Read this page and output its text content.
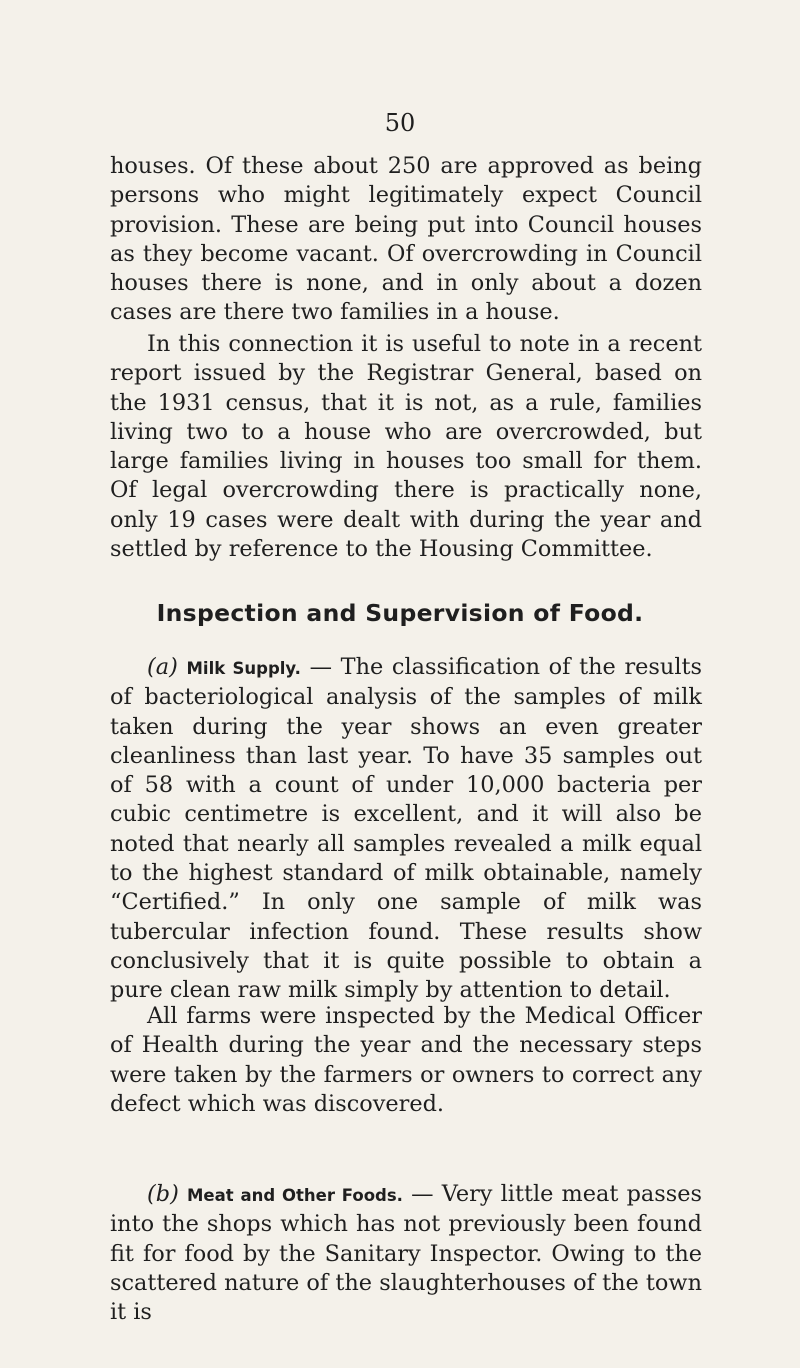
50

houses. Of these about 250 are approved as being persons who might legitimately expect Council provision. These are being put into Council houses as they become vacant. Of overcrowding in Council houses there is none, and in only about a dozen cases are there two families in a house.

In this connection it is useful to note in a recent report issued by the Registrar General, based on the 1931 census, that it is not, as a rule, families living two to a house who are overcrowded, but large families living in houses too small for them. Of legal overcrowding there is practically none, only 19 cases were dealt with during the year and settled by reference to the Housing Committee.

Inspection and Supervision of Food.

(a) Milk Supply. — The classification of the results of bacteriological analysis of the samples of milk taken during the year shows an even greater cleanliness than last year. To have 35 samples out of 58 with a count of under 10,000 bacteria per cubic centimetre is excellent, and it will also be noted that nearly all samples revealed a milk equal to the highest standard of milk obtainable, namely “Certified.” In only one sample of milk was tubercular infection found. These results show conclusively that it is quite possible to obtain a pure clean raw milk simply by attention to detail.

All farms were inspected by the Medical Officer of Health during the year and the necessary steps were taken by the farmers or owners to correct any defect which was discovered.

(b) Meat and Other Foods. — Very little meat passes into the shops which has not previously been found fit for food by the Sanitary Inspector. Owing to the scattered nature of the slaughterhouses of the town it is
